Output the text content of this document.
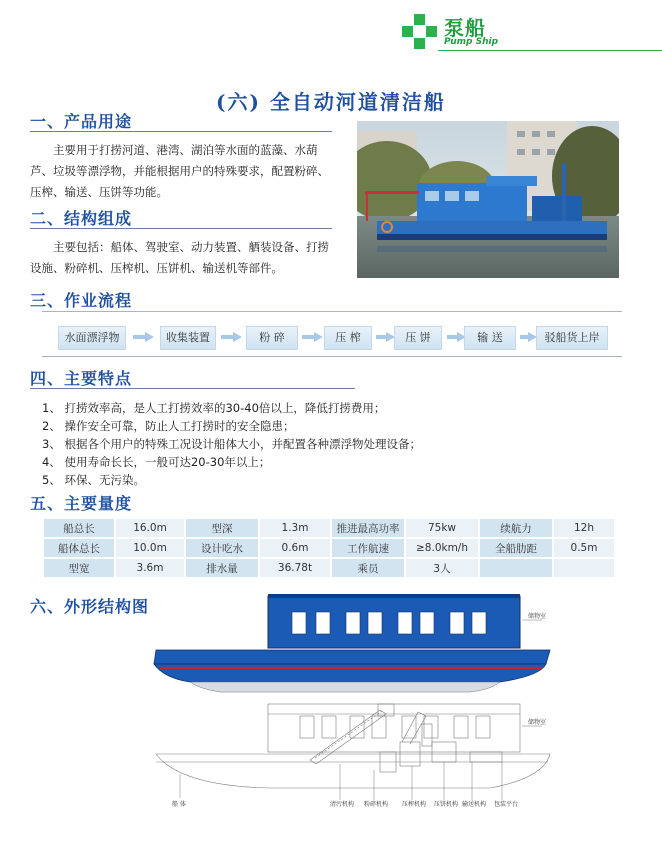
泵船
Pump Ship
(六) 全自动河道清洁船
一、产品用途
主要用于打捞河道、港湾、湖泊等水面的蓝藻、水葫芦、垃圾等漂浮物，并能根据用户的特殊要求，配置粉碎、压榨、输送、压饼等功能。
二、结构组成
主要包括：船体、驾驶室、动力装置、舾装设备、打捞设施、粉碎机、压榨机、压饼机、输送机等部件。
三、作业流程
水面漂浮物	收集装置	粉 碎	压 榨	压 饼	输 送	驳船货上岸
四、主要特点
1、 打捞效率高，是人工打捞效率的30-40倍以上，降低打捞费用；
2、 操作安全可靠，防止人工打捞时的安全隐患；
3、 根据各个用户的特殊工况设计船体大小，并配置各种漂浮物处理设备；
4、 使用寿命长长，一般可达20-30年以上；
5、 环保、无污染。
五、主要量度
船总长	16.0m	型深	1.3m	推进最高功率	75kw	续航力	12h
船体总长	10.0m	设计吃水	0.6m	工作航速	≥8.0km/h	全船肋距	0.5m
型宽	3.6m	排水量	36.78t	乘员	3人		
六、外形结构图
储物室
储物室
船 体	清污机构 粉碎机构 压榨机构 压饼机构 输送机构 包装平台
